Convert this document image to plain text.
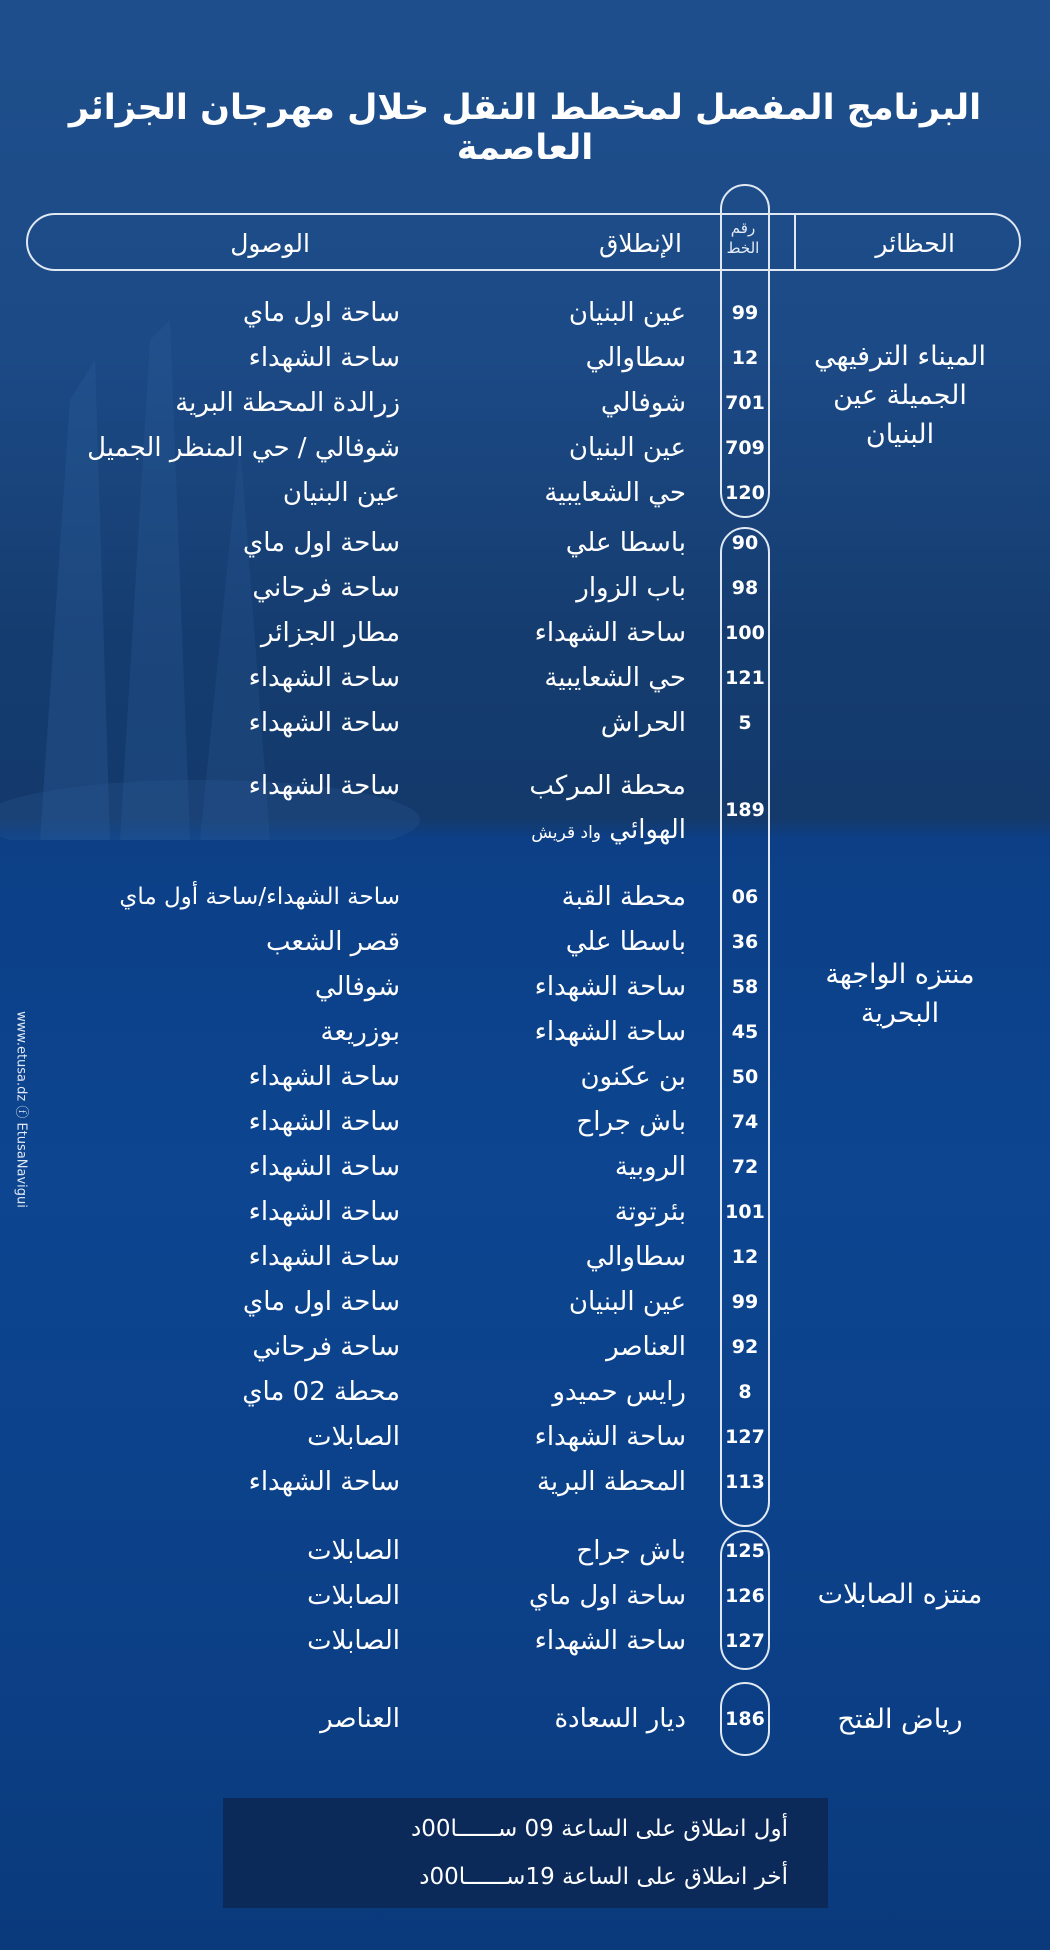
البرنامج المفصل لمخطط النقل خلال مهرجان الجزائر العاصمة
الحظائر
رقم
الخط
الإنطلاق
الوصول
الميناء الترفيهي الجميلة عين البنيان
منتزه الواجهة البحرية
منتزه الصابلات
رياض الفتح
99
عين البنيان
ساحة اول ماي
12
سطاوالي
ساحة الشهداء
701
شوفالي
زرالدة المحطة البرية
709
عين البنيان
شوفالي / حي المنظر الجميل
120
حي الشعايبية
عين البنيان
90
باسطا علي
ساحة اول ماي
98
باب الزوار
ساحة فرحاني
100
ساحة الشهداء
مطار الجزائر
121
حي الشعايبية
ساحة الشهداء
5
الحراش
ساحة الشهداء
189
محطة المركب
الهوائي واد قريش
ساحة الشهداء
06
محطة القبة
ساحة الشهداء/ساحة أول ماي
36
باسطا علي
قصر الشعب
58
ساحة الشهداء
شوفالي
45
ساحة الشهداء
بوزريعة
50
بن عكنون
ساحة الشهداء
74
باش جراح
ساحة الشهداء
72
الروبية
ساحة الشهداء
101
بئرتوتة
ساحة الشهداء
12
سطاوالي
ساحة الشهداء
99
عين البنيان
ساحة اول ماي
92
العناصر
ساحة فرحاني
8
رايس حميدو
محطة 02 ماي
127
ساحة الشهداء
الصابلات
113
المحطة البرية
ساحة الشهداء
125
باش جراح
الصابلات
126
ساحة اول ماي
الصابلات
127
ساحة الشهداء
الصابلات
186
ديار السعادة
العناصر
أول انطلاق على الساعة 09 ســــــا00د
أخر انطلاق على الساعة 19ســــــا00د
www.etusa.dz ⓕ EtusaNavigui
